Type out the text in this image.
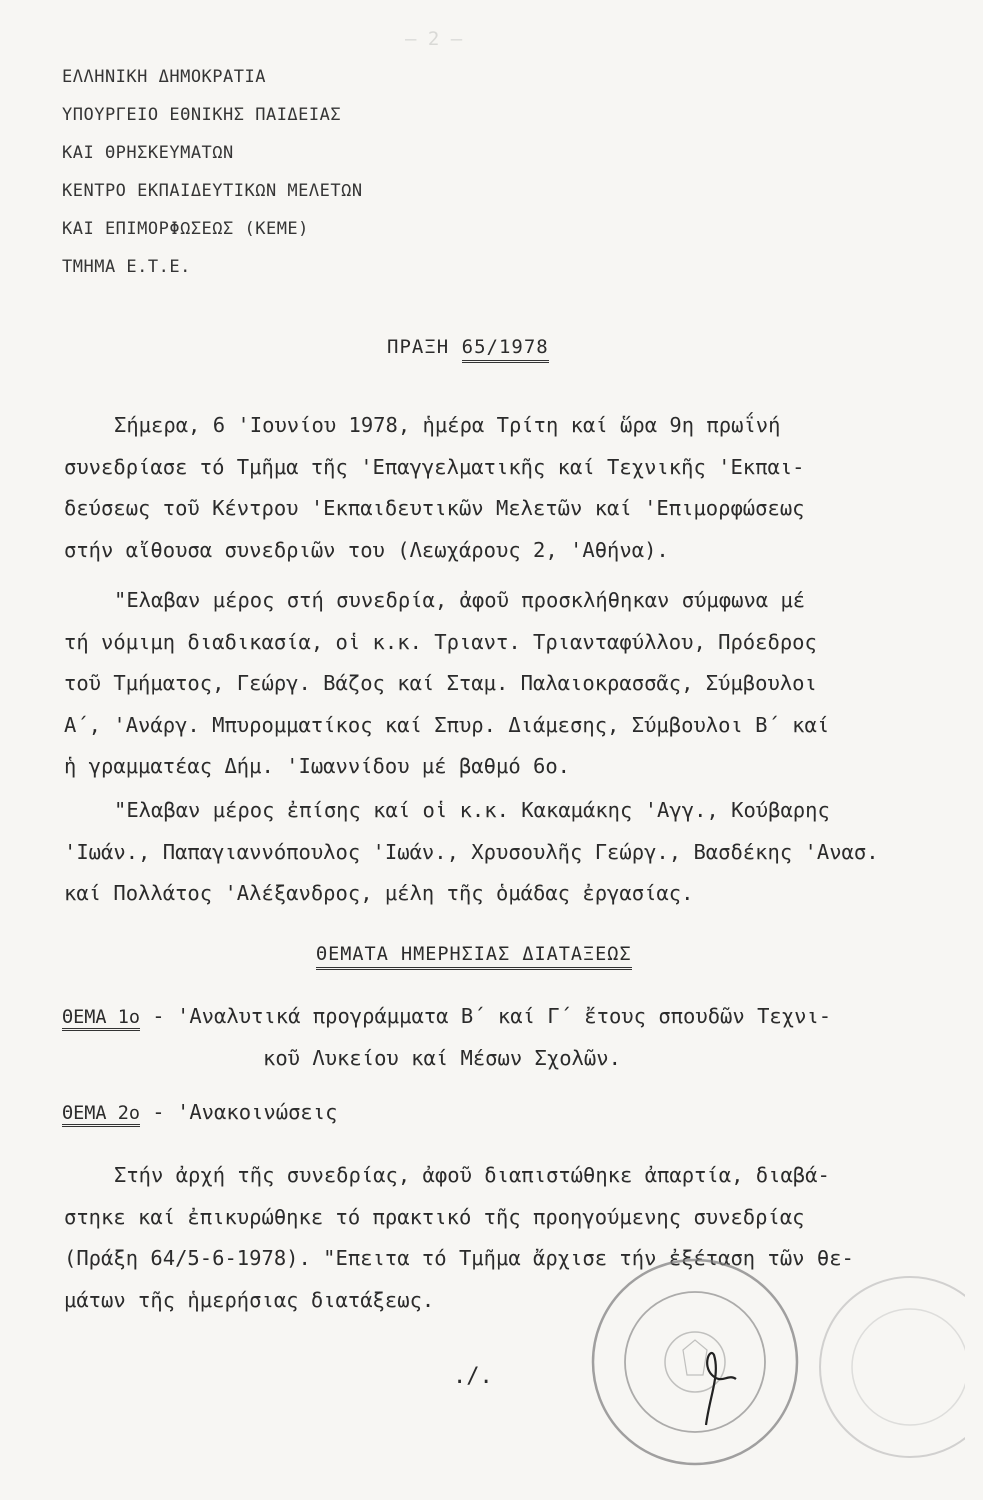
— 2 —
ΕΛΛΗΝΙΚΗ ΔΗΜΟΚΡΑΤΙΑ
ΥΠΟΥΡΓΕΙΟ ΕΘΝΙΚΗΣ ΠΑΙΔΕΙΑΣ
ΚΑΙ ΘΡΗΣΚΕΥΜΑΤΩΝ
ΚΕΝΤΡΟ ΕΚΠΑΙΔΕΥΤΙΚΩΝ ΜΕΛΕΤΩΝ
ΚΑΙ ΕΠΙΜΟΡΦΩΣΕΩΣ (ΚΕΜΕ)
ΤΜΗΜΑ Ε.Τ.Ε.
ΠΡΑΞΗ 65/1978
Σήμερα, 6 'Ιουνίου 1978, ἡμέρα Τρίτη καί ὥρα 9η πρωΐνή
συνεδρίασε τό Τμῆμα τῆς 'Επαγγελματικῆς καί Τεχνικῆς 'Εκπαι-
δεύσεως τοῦ Κέντρου 'Εκπαιδευτικῶν Μελετῶν καί 'Επιμορφώσεως
στήν αἴθουσα συνεδριῶν του (Λεωχάρους 2, 'Αθήνα).
"Ελαβαν μέρος στή συνεδρία, ἀφοῦ προσκλήθηκαν σύμφωνα μέ
τή νόμιμη διαδικασία, οἱ κ.κ. Τριαντ. Τριανταφύλλου, Πρόεδρος
τοῦ Τμήματος, Γεώργ. Βάζος καί Σταμ. Παλαιοκρασσᾶς, Σύμβουλοι
Α΄, 'Ανάργ. Μπυρομματίκος καί Σπυρ. Διάμεσης, Σύμβουλοι Β΄ καί
ἡ γραμματέας Δήμ. 'Ιωαννίδου μέ βαθμό 6ο.
"Ελαβαν μέρος ἐπίσης καί οἱ κ.κ. Κακαμάκης 'Αγγ., Κούβαρης
'Ιωάν., Παπαγιαννόπουλος 'Ιωάν., Χρυσουλῆς Γεώργ., Βασδέκης 'Ανασ.
καί Πολλάτος 'Αλέξανδρος, μέλη τῆς ὁμάδας ἐργασίας.
ΘΕΜΑΤΑ ΗΜΕΡΗΣΙΑΣ ΔΙΑΤΑΞΕΩΣ
ΘΕΜΑ 1ο - 'Αναλυτικά προγράμματα Β΄ καί Γ΄ ἔτους σπουδῶν Τεχνι-
κοῦ Λυκείου καί Μέσων Σχολῶν.
ΘΕΜΑ 2ο - 'Ανακοινώσεις
Στήν ἀρχή τῆς συνεδρίας, ἀφοῦ διαπιστώθηκε ἀπαρτία, διαβά-
στηκε καί ἐπικυρώθηκε τό πρακτικό τῆς προηγούμενης συνεδρίας
(Πράξη 64/5-6-1978). "Επειτα τό Τμῆμα ἄρχισε τήν ἐξέταση τῶν θε-
μάτων τῆς ἡμερήσιας διατάξεως.
./.
